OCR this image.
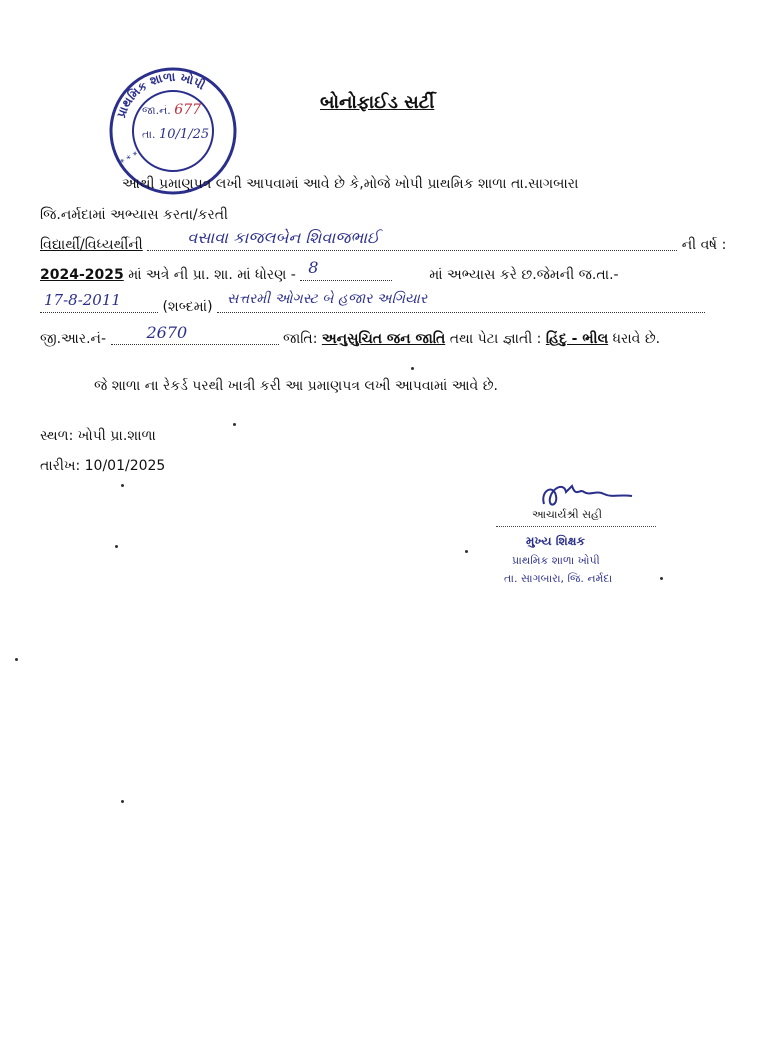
પ્રાથમિક શાળા ખોપી
* * *
જા.નં. 677
તા. 10/1/25
બોનોફાઈડ સર્ટી
આથી પ્રમાણપત્ર લખી આપવામાં આવે છે કે,મોજે ખોપી પ્રાથમિક શાળા તા.સાગબારા
જિ.નર્મદામાં અભ્યાસ કરતા/કરતી
વિદ્યાર્થી/વિધ્યર્થીની	વસાવા કાજલબેન શિવાજભાઈ	ની વર્ષ :
2024-2025 માં અત્રે ની પ્રા. શા. માં ધોરણ - 8	માં અભ્યાસ કરે છ.જેમની જ.તા.-
17-8-2011	(શબ્દમાં) સત્તરમી ઓગસ્ટ બે હજાર અગિયાર
જી.આર.નં-	2670	જાતિ: અનુસુચિત જન જાતિ તથા પેટા જ્ઞાતી : હિંદુ - ભીલ ધરાવે છે.
જે શાળા ના રેકર્ડ પરથી ખાત્રી કરી આ પ્રમાણપત્ર લખી આપવામાં આવે છે.
સ્થળ: ખોપી પ્રા.શાળા
તારીખ: 10/01/2025
આચાર્યશ્રી સહી
મુખ્ય શિક્ષક
પ્રાથમિક શાળા ખોપી
તા. સાગબારા, જિ. નર્મદા
